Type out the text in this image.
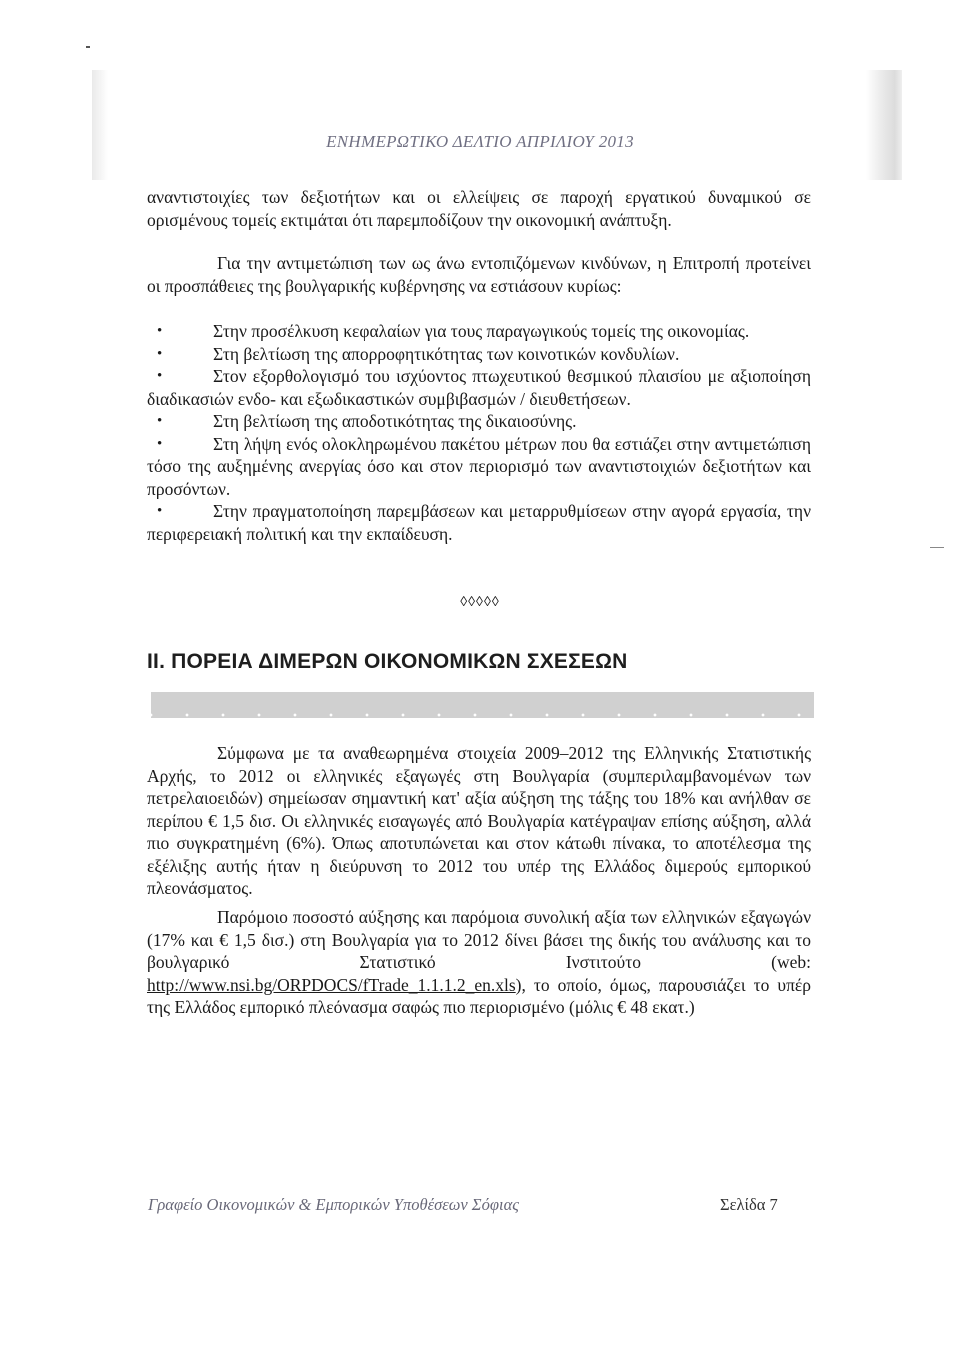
ΕΝΗΜΕΡΩΤΙΚΟ ΔΕΛΤΙΟ ΑΠΡΙΛΙΟΥ 2013

αναντιστοιχίες των δεξιοτήτων και οι ελλείψεις σε παροχή εργατικού δυναμικού σε ορισμένους τομείς εκτιμάται ότι παρεμποδίζουν την οικονομική ανάπτυξη.

Για την αντιμετώπιση των ως άνω εντοπιζόμενων κινδύνων, η Επιτροπή προτείνει οι προσπάθειες της βουλγαρικής κυβέρνησης να εστιάσουν κυρίως:

• Στην προσέλκυση κεφαλαίων για τους παραγωγικούς τομείς της οικονομίας.
• Στη βελτίωση της απορροφητικότητας των κοινοτικών κονδυλίων.
• Στον εξορθολογισμό του ισχύοντος πτωχευτικού θεσμικού πλαισίου με αξιοποίηση διαδικασιών ενδο- και εξωδικαστικών συμβιβασμών / διευθετήσεων.
• Στη βελτίωση της αποδοτικότητας της δικαιοσύνης.
• Στη λήψη ενός ολοκληρωμένου πακέτου μέτρων που θα εστιάζει στην αντιμετώπιση τόσο της αυξημένης ανεργίας όσο και στον περιορισμό των αναντιστοιχιών δεξιοτήτων και προσόντων.
• Στην πραγματοποίηση παρεμβάσεων και μεταρρυθμίσεων στην αγορά εργασία, την περιφερειακή πολιτική και την εκπαίδευση.
◊◊◊◊◊
II. ΠΟΡΕΙΑ ΔΙΜΕΡΩΝ ΟΙΚΟΝΟΜΙΚΩΝ ΣΧΕΣΕΩΝ

Σύμφωνα με τα αναθεωρημένα στοιχεία 2009–2012 της Ελληνικής Στατιστικής Αρχής, το 2012 οι ελληνικές εξαγωγές στη Βουλγαρία (συμπεριλαμβανομένων των πετρελαιοειδών) σημείωσαν σημαντική κατ' αξία αύξηση της τάξης του 18% και ανήλθαν σε περίπου € 1,5 δισ. Οι ελληνικές εισαγωγές από Βουλγαρία κατέγραψαν επίσης αύξηση, αλλά πιο συγκρατημένη (6%). Όπως αποτυπώνεται και στον κάτωθι πίνακα, το αποτέλεσμα της εξέλιξης αυτής ήταν η διεύρυνση το 2012 του υπέρ της Ελλάδος διμερούς εμπορικού πλεονάσματος.

Παρόμοιο ποσοστό αύξησης και παρόμοια συνολική αξία των ελληνικών εξαγωγών (17% και € 1,5 δισ.) στη Βουλγαρία για το 2012 δίνει βάσει της δικής του ανάλυσης και το βουλγαρικό Στατιστικό Ινστιτούτο (web: http://www.nsi.bg/ORPDOCS/fTrade_1.1.1.2_en.xls), το οποίο, όμως, παρουσιάζει το υπέρ της Ελλάδος εμπορικό πλεόνασμα σαφώς πιο περιορισμένο (μόλις € 48 εκατ.)

Γραφείο Οικονομικών & Εμπορικών Υποθέσεων Σόφιας	Σελίδα 7
